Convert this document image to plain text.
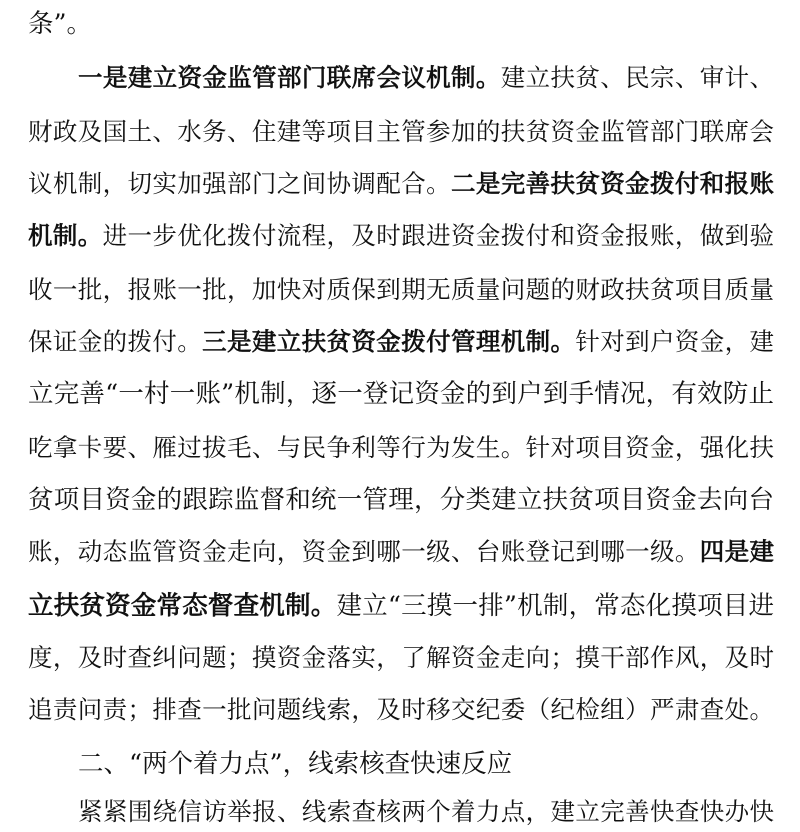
条”。
一是建立资金监管部门联席会议机制。建立扶贫、民宗、审计、
财政及国土、水务、住建等项目主管参加的扶贫资金监管部门联席会
议机制，切实加强部门之间协调配合。二是完善扶贫资金拨付和报账
机制。进一步优化拨付流程，及时跟进资金拨付和资金报账，做到验
收一批，报账一批，加快对质保到期无质量问题的财政扶贫项目质量
保证金的拨付。三是建立扶贫资金拨付管理机制。针对到户资金，建
立完善“一村一账”机制，逐一登记资金的到户到手情况，有效防止
吃拿卡要、雁过拔毛、与民争利等行为发生。针对项目资金，强化扶
贫项目资金的跟踪监督和统一管理，分类建立扶贫项目资金去向台
账，动态监管资金走向，资金到哪一级、台账登记到哪一级。四是建
立扶贫资金常态督查机制。建立“三摸一排”机制，常态化摸项目进
度，及时查纠问题；摸资金落实，了解资金走向；摸干部作风，及时
追责问责；排查一批问题线索，及时移交纪委（纪检组）严肃查处。
二、“两个着力点”，线索核查快速反应
紧紧围绕信访举报、线索查核两个着力点，建立完善快查快办快
